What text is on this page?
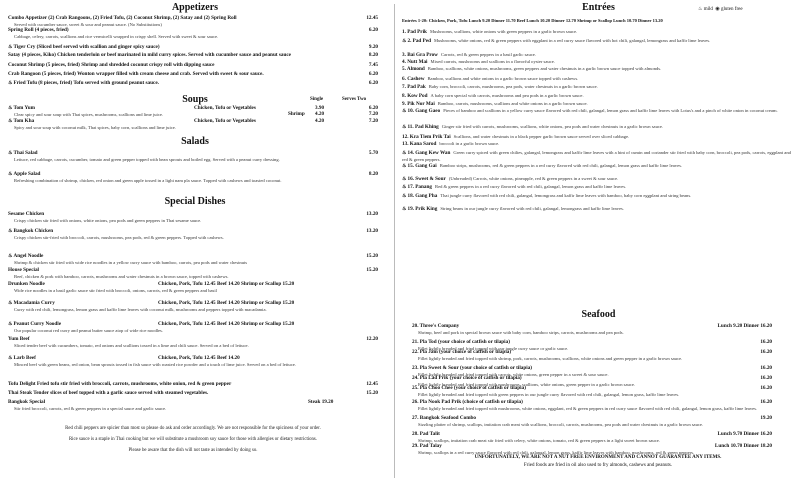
Appetizers
Combo Appetizer (2) Crab Rangoons, (2) Fried Tofu, (2) Coconut Shrimp, (2) Satay and (2) Spring Roll	12.45
Served with cucumber sauce, sweet & sour and peanut sauce. (No Substitutions)
Spring Roll (4 pieces, fried)	6.20
Cabbage, celery, carrots, scallions and rice vermicelli wrapped in crispy shell. Served with sweet & sour sauce.
♨Tiger Cry (Sliced beef served with scallion and ginger spicy sauce)	9.20
Satay (4 pieces, Kiko) Chicken tenderloin or beef marinated in mild curry spices. Served with cucumber sauce and peanut sauce	8.20
Coconut Shrimp (5 pieces, fried) Shrimp and shredded coconut crispy roll with dipping sauce	7.45
Crab Rangoon (5 pieces, fried) Wonton wrapper filled with cream cheese and crab. Served with sweet & sour sauce.	6.20
♨Fried Tofu (8 pieces, fried) Tofu served with ground peanut sauce.	6.20
Soups	Single	Serves Two
♨Tom Yum	Chicken, Tofu or Vegetables	3.90	6.20
Clear spicy and sour soup with Thai spices, mushrooms, scallions and lime juice.	Shrimp 4.20	7.20
♨Tom Kha	Chicken, Tofu or Vegetables	4.20	7.20
Spicy and sour soup with coconut milk, Thai spices, baby corn, scallions and lime juice.
Salads
♨Thai Salad	5.70
Lettuce, red cabbage, carrots, cucumber, tomato and green pepper topped with bean sprouts and boiled egg. Served with a peanut curry dressing.
♨Apple Salad	8.20
Refreshing combination of shrimp, chicken, red onion and green apple tossed in a light nam pla sauce. Topped with cashews and toasted coconut.
Special Dishes
Sesame Chicken	13.20
Crispy chicken stir fried with onions, white onions, pea pods and green peppers in Thai sesame sauce.
♨Bangkok Chicken	13.20
Crispy chicken stir-fried with broccoli, carrots, mushrooms, pea pods, red & green peppers. Topped with cashews.
♨Angel Noodle	15.20
Shrimp & chicken stir fried with wide rice noodles in a yellow curry sauce with bamboo, carrots, pea pods and water chestnuts
House Special	15.20
Beef, chicken & pork with bamboo, carrots, mushrooms and water chestnuts in a brown sauce, topped with cashews.
Drunken Noodle	Chicken, Pork, Tofu 12.45 Beef 14.20 Shrimp or Scallop 15.20
Wide rice noodles in a basil garlic sauce stir fried with broccoli, onions, carrots, red & green peppers and basil
♨Macadamia Curry	Chicken, Pork, Tofu 12.45 Beef 14.20 Shrimp or Scallop 15.20
Curry with red chili, lemongrass, lemon grass and kaffir lime leaves with coconut milk, mushrooms and peppers topped with macadamia.
♨Peanut Curry Noodle	Chicken, Pork, Tofu 12.45 Beef 14.20 Shrimp or Scallop 15.20
Our popular coconut red curry and peanut butter sauce atop of wide rice noodles.
Yum Beef	12.20
Sliced tender beef with cucumbers, tomato, red onions and scallions tossed in a lime and chili sauce. Served on a bed of lettuce.
♨Larb Beef	Chicken, Pork, Tofu 12.45 Beef 14.20
Minced beef with green beans, red onion, bean sprouts tossed in fish sauce with roasted rice powder and a touch of lime juice. Served on a bed of lettuce.
Tofu Delight Fried tofu stir fried with broccoli, carrots, mushrooms, white onion, red & green pepper	12.45
Thai Steak Tender slices of beef topped with a garlic sauce served with steamed vegetables.	15.20
Bangkok Special	Steak 19.20
Stir fried broccoli, carrots, red & green peppers in a special sauce and garlic sauce.
Red chili peppers are spicier than most so please do ask and order accordingly. We are not responsible for the spiciness of your order.
Rice sauce is a staple in Thai cooking but we will substitute a mushroom soy sauce for those with allergies or dietary restrictions.
Please be aware that the dish will not taste as intended by doing so.
Entrées	♨ mild ◉ gluten free
Entrées 1-20: Chicken, Pork, Tofu Lunch 9.20 Dinner 11.70 Beef Lunch 10.20 Dinner 12.70 Shrimp or Scallop Lunch 10.70 Dinner 13.20
1. Pad Prik Mushrooms, scallions, white onions with green peppers in a garlic brown sauce.
♨2. Pad Ped Mushrooms, white onions, red & green peppers with eggplant in a red curry sauce flavored with hot chili, galangal, lemongrass and kaffir lime leaves.
3. Bai Gra Prow Carrots, red & green peppers in a basil garlic sauce.
4. Nutt Mai Mixed carrots, mushrooms and scallions in a flavorful oyster sauce.
5. Almond Bamboo, scallions, white onions, mushrooms, green peppers and water chestnuts in a garlic brown sauce topped with almonds.
6. Cashew Bamboo, scallions and white onions in a garlic brown sauce topped with cashews.
7. Pad Pak Baby corn, broccoli, carrots, mushrooms, pea pods, water chestnuts in a garlic brown sauce.
8. Kow Pod A baby corn special with carrots, mushrooms and pea pods in a garlic brown sauce.
9. Pik Nor Mai Bamboo, carrots, mushrooms, scallions and white onions in a garlic brown sauce.
♨10. Gang Gaeo Pieces of bamboo and scallions in a yellow curry sauce flavored with red chili, galangal, lemon grass and kaffir lime leaves with Lotus's and a pinch of white onion in coconut cream.
♨11. Pad Khing Ginger stir fried with carrots, mushrooms, scallions, white onions, pea pods and water chestnuts in a garlic brown sauce.
12. Kra Tiem Prik Tai Scallions, and water chestnuts in a black pepper garlic brown sauce served over sliced cabbage.
13. Kana Sarod broccoli in a garlic brown sauce.
♨14. Gang Kew Wan Green curry spiced with green chilies, galangal, lemongrass and kaffir lime leaves with a hint of cumin and coriander stir fried with baby corn, broccoli, pea pods, carrots, eggplant and red & green peppers.
♨15. Gang Gai Bamboo strips, mushrooms, red & green peppers in a red curry flavored with red chili, galangal, lemon grass and kaffir lime leaves.
♨16. Sweet & Sour (Unbreaded) Carrots, white onions, pineapple, red & green peppers in a sweet & sour sauce.
♨17. Panang Red & green peppers in a red curry flavored with red chili, galangal, lemon grass and kaffir lime leaves.
♨18. Gang Pha Thai jungle curry flavored with red chili, galangal, lemongrass and kaffir lime leaves with bamboo, baby corn eggplant and string beans.
♨19. Prik King String beans in our jungle curry flavored with red chili, galangal, lemongrass and kaffir lime leaves.
Seafood
20. Three's Company	Lunch 9.20 Dinner 16.20
Shrimp, beef and pork in special brown sauce with baby corn, bamboo strips, carrots, mushrooms and pea pods.
21. Pla Tod (your choice of catfish or tilapia)	16.20
Fillet lightly breaded and fried topped with our jungle curry sauce or garlic sauce.
22. Pla Jam (your choice of catfish or tilapia)	16.20
Fillet lightly breaded and fried topped with shrimp, pork, carrots, mushrooms, scallions, white onions and green pepper in a garlic brown sauce.
23. Pla Sweet & Sour (your choice of catfish or tilapia)	16.20
Fillet lightly breaded and fried topped with carrots, white onions, green pepper in a sweet & sour sauce.
24. Pla Lad Prik (your choice of catfish or tilapia)	16.20
Fillet lightly breaded and fried topped with mushrooms, scallions, white onions, green pepper in a garlic brown sauce.
25. Pla Choo Chee (your choice of catfish or tilapia)	16.20
Fillet lightly breaded and fried topped with green peppers in our jungle curry flavored with red chili, galangal, lemon grass, kaffir lime leaves.
26. Pla Nook Pad Prik (choice of catfish or tilapia)	16.20
Fillet lightly breaded and fried topped with mushrooms, white onions, eggplant, red & green peppers in red curry sauce flavored with red chili, galangal, lemon grass, kaffir lime leaves.
27. Bangkok Seafood Combo	19.20
Sizzling platter of shrimp, scallops, imitation crab meat with scallions, broccoli, carrots, mushrooms, pea pods and water chestnuts in a garlic brown sauce.
28. Pad Talit	Lunch 9.70 Dinner 16.20
Shrimp, scallops, imitation crab meat stir fried with celery, white onions, tomato, red & green peppers in a light sweet brown sauce.
29. Pad Talay	Lunch 10.70 Dinner 18.20
Shrimp, scallops in a red curry sauce flavored with red chili, galangal, lemon grass, kaffir lime leaves with bamboo, mushrooms, red & green peppers.
UNFORTUNATELY, WE ARE NOT A NUT FREE ENVIRONMENT AND CANNOT GUARANTEE ANY ITEMS.
Fried foods are fried in oil also used to fry almonds, cashews and peanuts.
